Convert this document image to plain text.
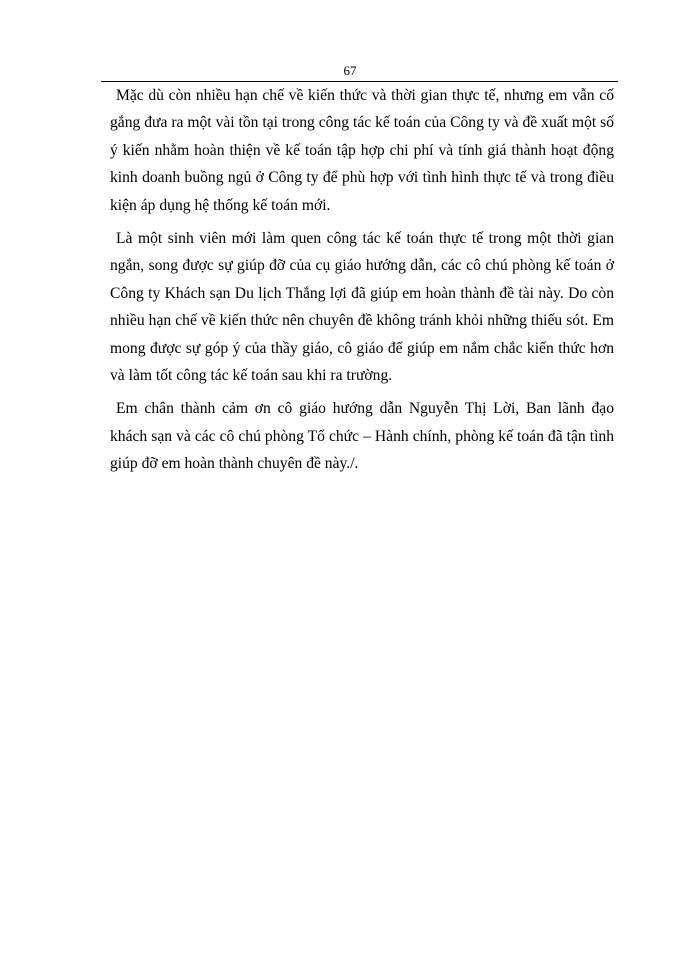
67

Mặc dù còn nhiều hạn chế về kiến thức và thời gian thực tế, nhưng em vẫn cố gắng đưa ra một vài tồn tại trong công tác kế toán của Công ty và đề xuất một số ý kiến nhằm hoàn thiện về kế toán tập hợp chi phí và tính giá thành hoạt động kinh doanh buồng ngủ ở Công ty để phù hợp với tình hình thực tế và trong điều kiện áp dụng hệ thống kế toán mới.

Là một sinh viên mới làm quen công tác kế toán thực tế trong một thời gian ngắn, song được sự giúp đỡ của cụ giáo hướng dẫn, các cô chú phòng kế toán ở Công ty Khách sạn Du lịch Thắng lợi đã giúp em hoàn thành đề tài này. Do còn nhiều hạn chế về kiến thức nên chuyên đề không tránh khỏi những thiếu sót. Em mong được sự góp ý của thầy giáo, cô giáo để giúp em nắm chắc kiến thức hơn và làm tốt công tác kế toán sau khi ra trường.

Em chân thành cảm ơn cô giáo hướng dẫn Nguyễn Thị Lời, Ban lãnh đạo khách sạn và các cô chú phòng Tổ chức – Hành chính, phòng kế toán đã tận tình giúp đỡ em hoàn thành chuyên đề này./.
